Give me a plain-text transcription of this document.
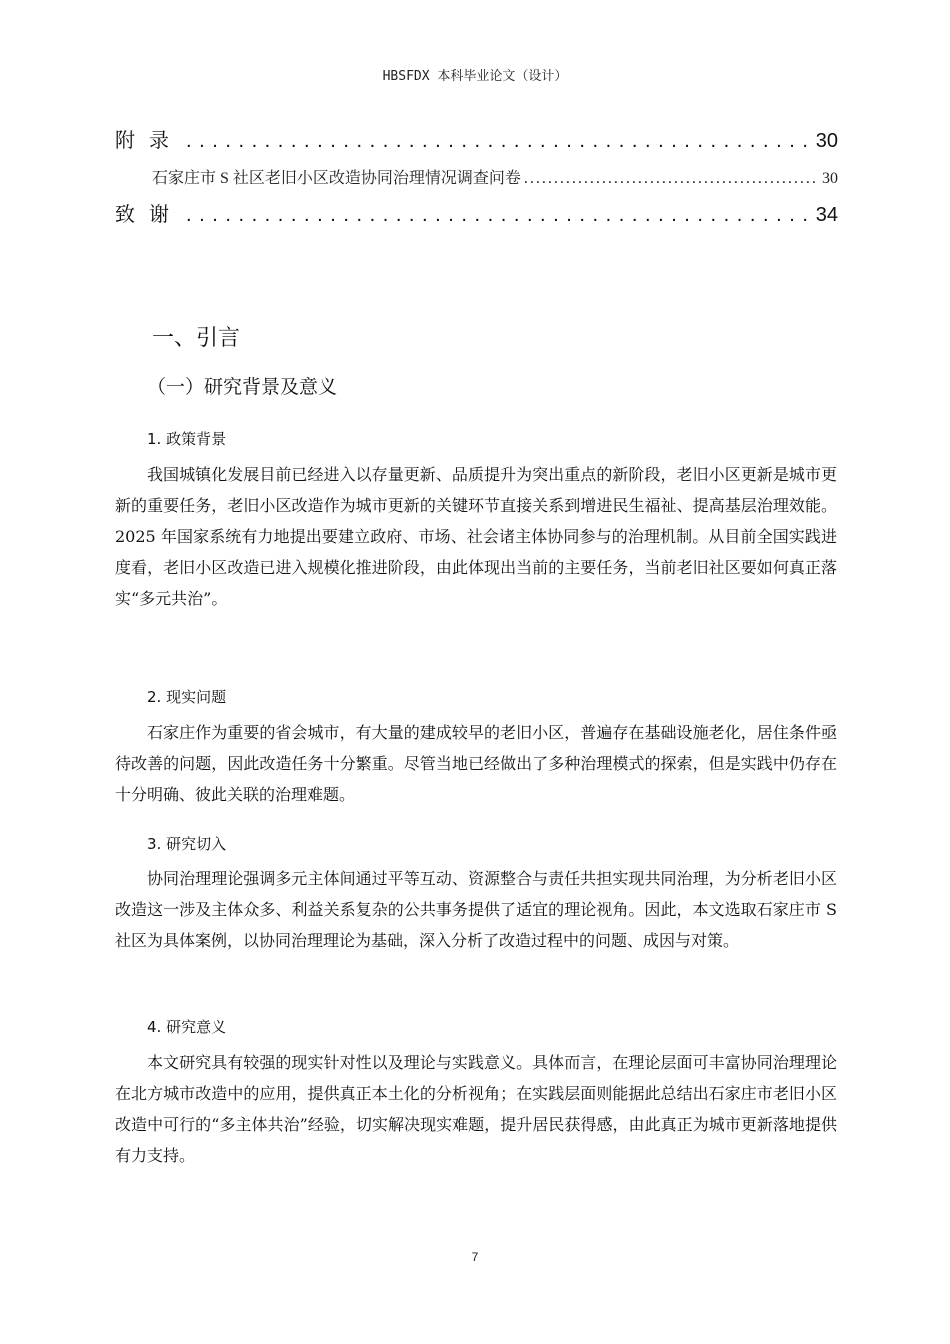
HBSFDX 本科毕业论文（设计）
附录 . . .	30
石家庄市 S 社区老旧小区改造协同治理情况调查问卷 .....	30
致谢 . . .	34
一、引言
（一）研究背景及意义
1. 政策背景

我国城镇化发展目前已经进入以存量更新、品质提升为突出重点的新阶段，老旧小区更新是城市更新的重要任务，老旧小区改造作为城市更新的关键环节直接关系到增进民生福祉、提高基层治理效能。2025 年国家系统有力地提出要建立政府、市场、社会诸主体协同参与的治理机制。从目前全国实践进度看，老旧小区改造已进入规模化推进阶段，由此体现出当前的主要任务，当前老旧社区要如何真正落实“多元共治”。

2. 现实问题

石家庄作为重要的省会城市，有大量的建成较早的老旧小区，普遍存在基础设施老化，居住条件亟待改善的问题，因此改造任务十分繁重。尽管当地已经做出了多种治理模式的探索，但是实践中仍存在十分明确、彼此关联的治理难题。

3. 研究切入

协同治理理论强调多元主体间通过平等互动、资源整合与责任共担实现共同治理，为分析老旧小区改造这一涉及主体众多、利益关系复杂的公共事务提供了适宜的理论视角。因此，本文选取石家庄市 S 社区为具体案例，以协同治理理论为基础，深入分析了改造过程中的问题、成因与对策。

4. 研究意义

本文研究具有较强的现实针对性以及理论与实践意义。具体而言，在理论层面可丰富协同治理理论在北方城市改造中的应用，提供真正本土化的分析视角；在实践层面则能据此总结出石家庄市老旧小区改造中可行的“多主体共治”经验，切实解决现实难题，提升居民获得感，由此真正为城市更新落地提供有力支持。

7
